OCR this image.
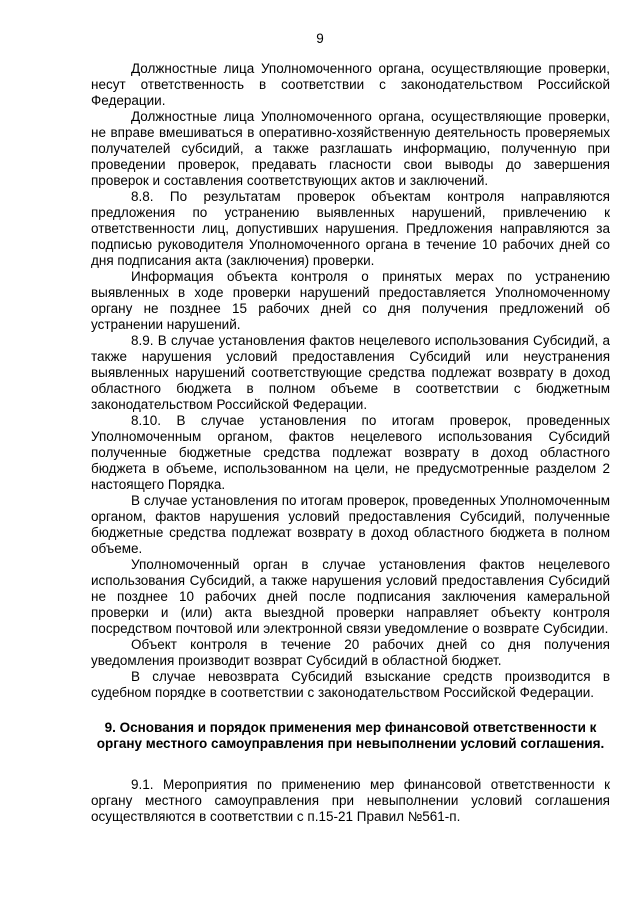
9

Должностные лица Уполномоченного органа, осуществляющие проверки, несут ответственность в соответствии с законодательством Российской Федерации.

Должностные лица Уполномоченного органа, осуществляющие проверки, не вправе вмешиваться в оперативно-хозяйственную деятельность проверяемых получателей субсидий, а также разглашать информацию, полученную при проведении проверок, предавать гласности свои выводы до завершения проверок и составления соответствующих актов и заключений.

8.8. По результатам проверок объектам контроля направляются предложения по устранению выявленных нарушений, привлечению к ответственности лиц, допустивших нарушения. Предложения направляются за подписью руководителя Уполномоченного органа в течение 10 рабочих дней со дня подписания акта (заключения) проверки.

Информация объекта контроля о принятых мерах по устранению выявленных в ходе проверки нарушений предоставляется Уполномоченному органу не позднее 15 рабочих дней со дня получения предложений об устранении нарушений.

8.9. В случае установления фактов нецелевого использования Субсидий, а также нарушения условий предоставления Субсидий или неустранения выявленных нарушений соответствующие средства подлежат возврату в доход областного бюджета в полном объеме в соответствии с бюджетным законодательством Российской Федерации.

8.10. В случае установления по итогам проверок, проведенных Уполномоченным органом, фактов нецелевого использования Субсидий полученные бюджетные средства подлежат возврату в доход областного бюджета в объеме, использованном на цели, не предусмотренные разделом 2 настоящего Порядка.

В случае установления по итогам проверок, проведенных Уполномоченным органом, фактов нарушения условий предоставления Субсидий, полученные бюджетные средства подлежат возврату в доход областного бюджета в полном объеме.

Уполномоченный орган в случае установления фактов нецелевого использования Субсидий, а также нарушения условий предоставления Субсидий не позднее 10 рабочих дней после подписания заключения камеральной проверки и (или) акта выездной проверки направляет объекту контроля посредством почтовой или электронной связи уведомление о возврате Субсидии.

Объект контроля в течение 20 рабочих дней со дня получения уведомления производит возврат Субсидий в областной бюджет.

В случае невозврата Субсидий взыскание средств производится в судебном порядке в соответствии с законодательством Российской Федерации.

9. Основания и порядок применения мер финансовой ответственности к органу местного самоуправления при невыполнении условий соглашения.

9.1. Мероприятия по применению мер финансовой ответственности к органу местного самоуправления при невыполнении условий соглашения осуществляются в соответствии с п.15-21 Правил №561-п.
